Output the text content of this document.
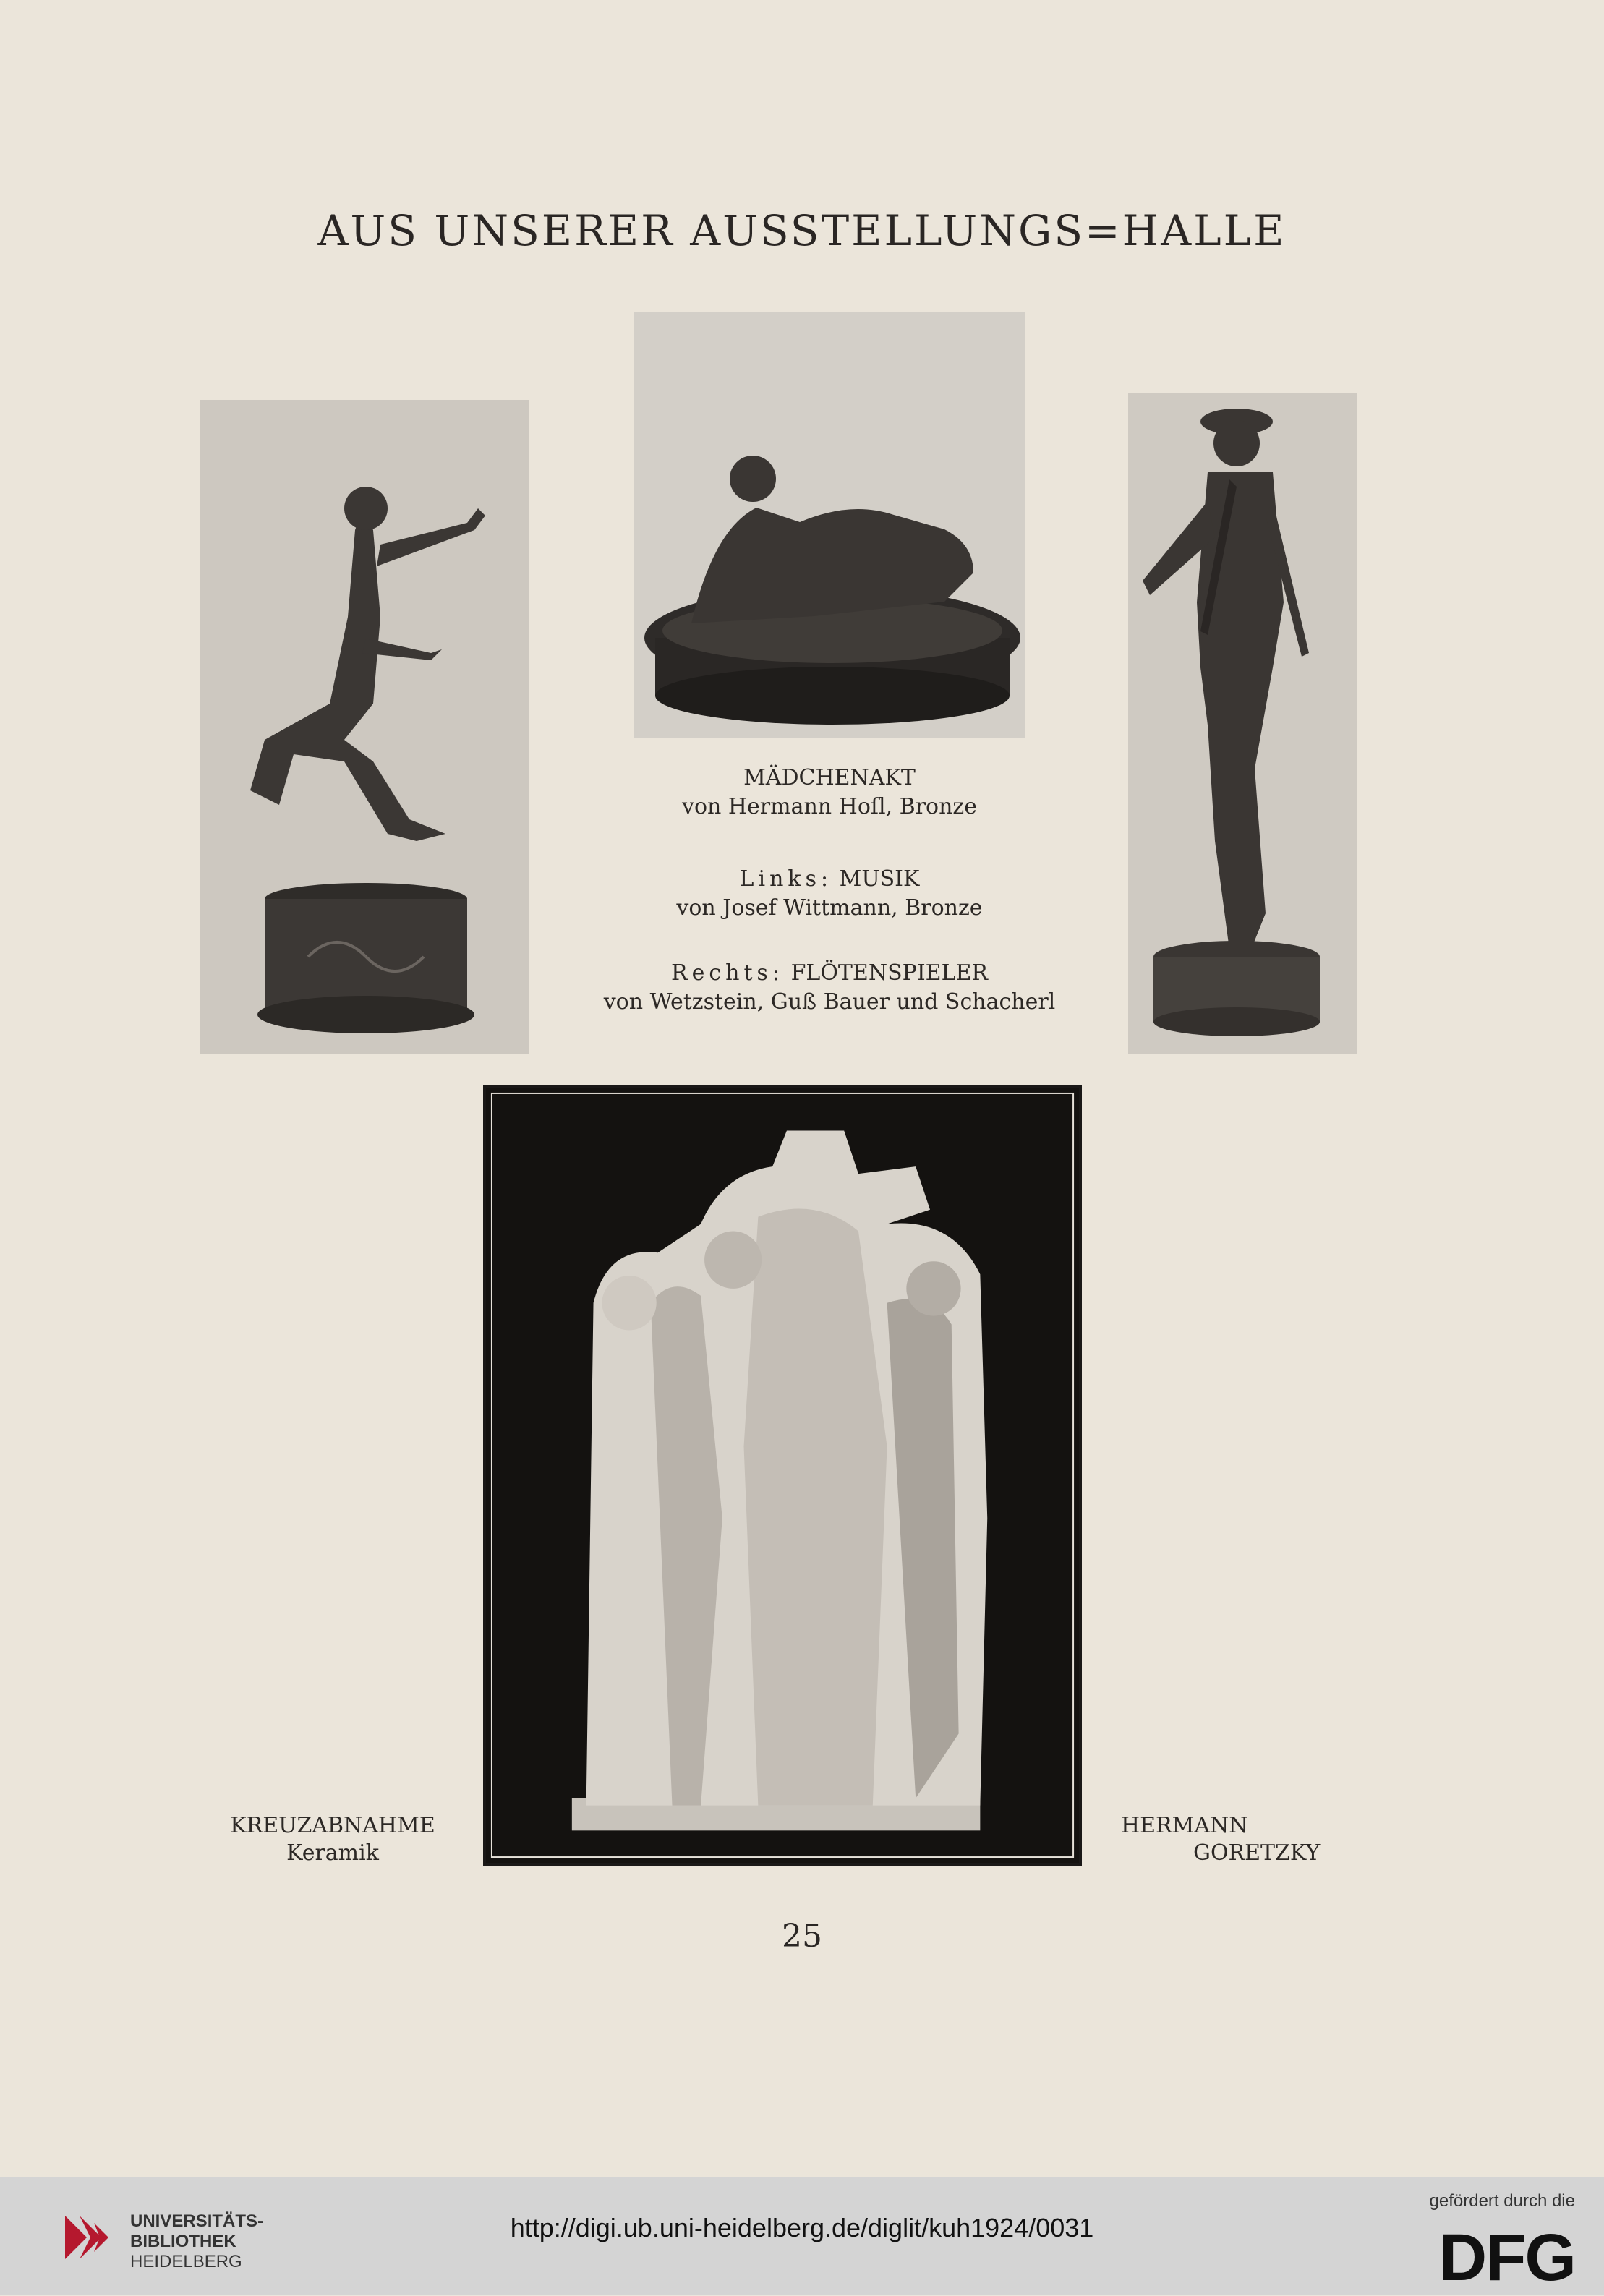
AUS UNSERER AUSSTELLUNGS=HALLE
MÄDCHENAKT
von Hermann Hoſl, Bronze
Links: MUSIK
von Josef Wittmann, Bronze
Rechts: FLÖTENSPIELER
von Wetzstein, Guß Bauer und Schacherl
KREUZABNAHME
Keramik
HERMANN
GORETZKY
25
UNIVERSITÄTS-
BIBLIOTHEK
HEIDELBERG
http://digi.ub.uni-heidelberg.de/diglit/kuh1924/0031
gefördert durch die
DFG
